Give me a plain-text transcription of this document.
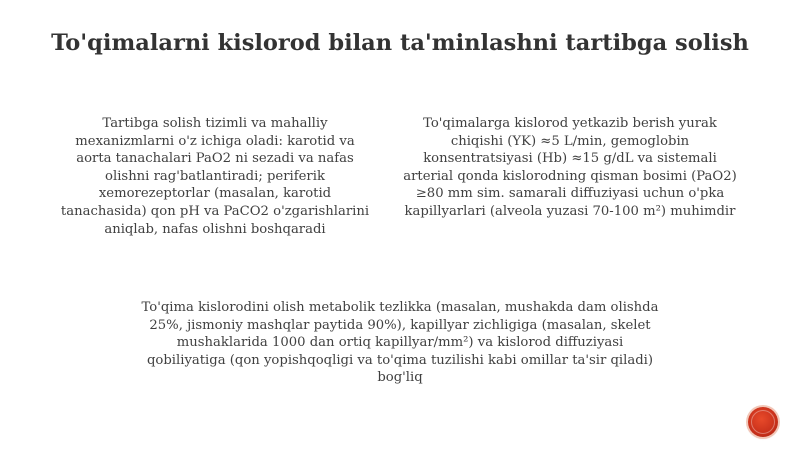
To'qimalarni kislorod bilan ta'minlashni tartibga solish
Tartibga solish tizimli va mahalliy mexanizmlarni o'z ichiga oladi: karotid va aorta tanachalari PaO2 ni sezadi va nafas olishni rag'batlantiradi; periferik xemorezeptorlar (masalan, karotid tanachasida) qon pH va PaCO2 o'zgarishlarini aniqlab, nafas olishni boshqaradi
To'qimalarga kislorod yetkazib berish yurak chiqishi (YK) ≈5 L/min, gemoglobin konsentratsiyasi (Hb) ≈15 g/dL va sistemali arterial qonda kislorodning qisman bosimi (PaO2) ≥80 mm sim. samarali diffuziyasi uchun o'pka kapillyarlari (alveola yuzasi 70-100 m²) muhimdir
To'qima kislorodini olish metabolik tezlikka (masalan, mushakda dam olishda 25%, jismoniy mashqlar paytida 90%), kapillyar zichligiga (masalan, skelet mushaklarida 1000 dan ortiq kapillyar/mm²) va kislorod diffuziyasi qobiliyatiga (qon yopishqoqligi va to'qima tuzilishi kabi omillar ta'sir qiladi) bog'liq
